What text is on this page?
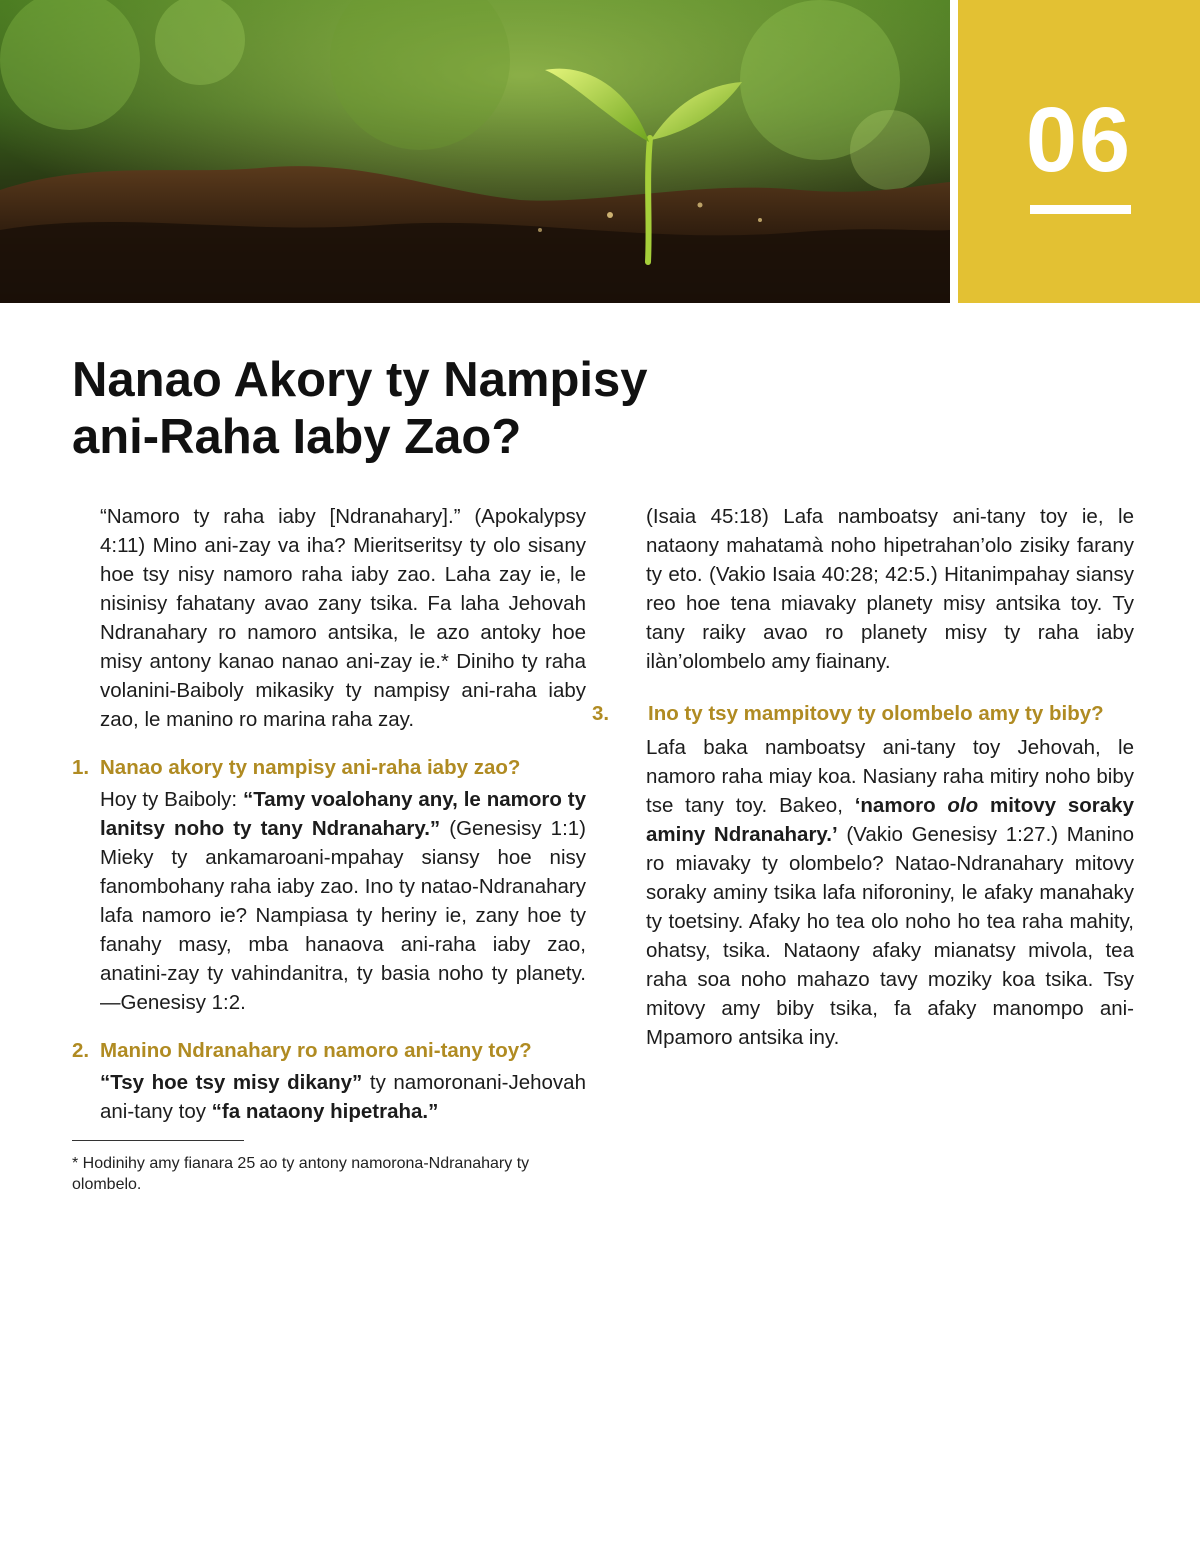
06
Nanao Akory ty Nampisy
ani-Raha Iaby Zao?

“Namoro ty raha iaby [Ndranahary].” (Apokalypsy 4:11) Mino ani-zay va iha? Mieritseritsy ty olo sisany hoe tsy nisy namoro raha iaby zao. Laha zay ie, le nisinisy fahatany avao zany tsika. Fa laha Jehovah Ndranahary ro namoro antsika, le azo antoky hoe misy antony kanao nanao ani-zay ie.* Diniho ty raha volanini-Baiboly mikasiky ty nampisy ani-raha iaby zao, le manino ro marina raha zay.

1. Nanao akory ty nampisy ani-raha iaby zao?

Hoy ty Baiboly: “Tamy voalohany any, le namoro ty lanitsy noho ty tany Ndranahary.” (Genesisy 1:1) Mieky ty ankamaroani-mpahay siansy hoe nisy fanombohany raha iaby zao. Ino ty natao-Ndranahary lafa namoro ie? Nampiasa ty heriny ie, zany hoe ty fanahy masy, mba hanaova ani-raha iaby zao, anatini-zay ty vahindanitra, ty basia noho ty planety.—Genesisy 1:2.

2. Manino Ndranahary ro namoro ani-tany toy?

“Tsy hoe tsy misy dikany” ty namoronani-Jehovah ani-tany toy “fa nataony hipetraha.”

* Hodinihy amy fianara 25 ao ty antony namorona-Ndranahary ty olombelo.

(Isaia 45:18) Lafa namboatsy ani-tany toy ie, le nataony mahatamà noho hipetrahan’olo zisiky farany ty eto. (Vakio Isaia 40:28; 42:5.) Hitanimpahay siansy reo hoe tena miavaky planety misy antsika toy. Ty tany raiky avao ro planety misy ty raha iaby ilàn’olombelo amy fiainany.

3. Ino ty tsy mampitovy ty olombelo amy ty biby?

Lafa baka namboatsy ani-tany toy Jehovah, le namoro raha miay koa. Nasiany raha mitiry noho biby tse tany toy. Bakeo, ‘namoro olo mitovy soraky aminy Ndranahary.’ (Vakio Genesisy 1:27.) Manino ro miavaky ty olombelo? Natao-Ndranahary mitovy soraky aminy tsika lafa niforoniny, le afaky manahaky ty toetsiny. Afaky ho tea olo noho ho tea raha mahity, ohatsy, tsika. Nataony afaky mianatsy mivola, tea raha soa noho mahazo tavy moziky koa tsika. Tsy mitovy amy biby tsika, fa afaky manompo ani-Mpamoro antsika iny.
